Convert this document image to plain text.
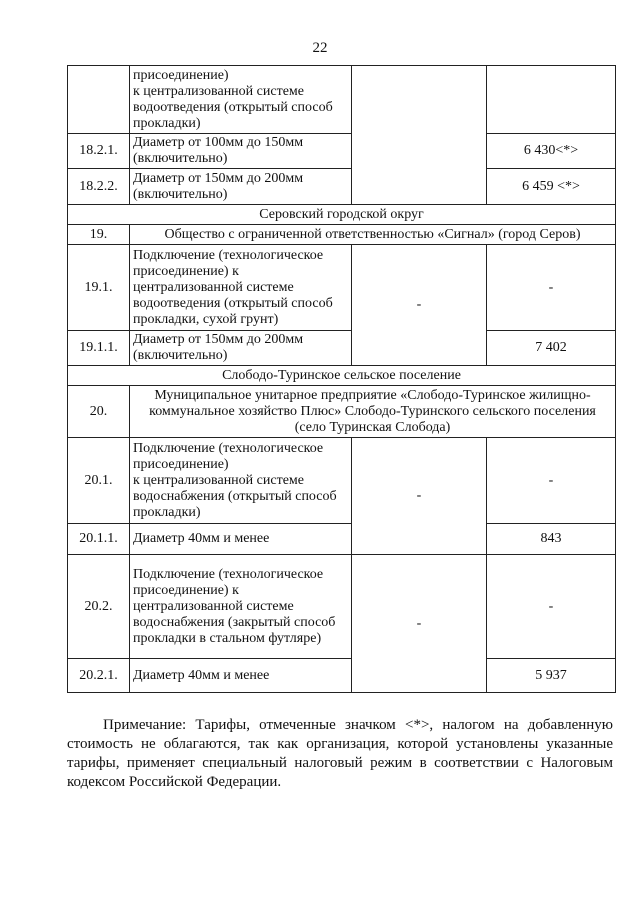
22

	присоединение)
к централизованной системе водоотведения (открытый способ прокладки)		

18.2.1.	Диаметр от 100мм до 150мм (включительно)		6 430<*>
18.2.2.	Диаметр от 150мм до 200мм (включительно)		6 459 <*>
Серовский городской округ			
19.	Общество с ограниченной ответственностью «Сигнал» (город Серов)		
19.1.	Подключение (технологическое присоединение) к централизованной системе водоотведения (открытый способ прокладки, сухой грунт)	-	-
19.1.1.	Диаметр от 150мм до 200мм (включительно)		7 402
Слободо-Туринское сельское поселение			
20.	Муниципальное унитарное предприятие «Слободо-Туринское жилищно-коммунальное хозяйство Плюс» Слободо-Туринского сельского поселения (село Туринская Слобода)		
20.1.	Подключение (технологическое присоединение)
к централизованной системе водоснабжения (открытый способ прокладки)	-	-
20.1.1.	Диаметр 40мм и менее		843
20.2.	Подключение (технологическое присоединение) к централизованной системе водоснабжения (закрытый способ прокладки в стальном футляре)	-	-
20.2.1.	Диаметр 40мм и менее		5 937
Примечание: Тарифы, отмеченные значком <*>, налогом на добавленную стоимость не облагаются, так как организация, которой установлены указанные тарифы, применяет специальный налоговый режим в соответствии с Налоговым кодексом Российской Федерации.
